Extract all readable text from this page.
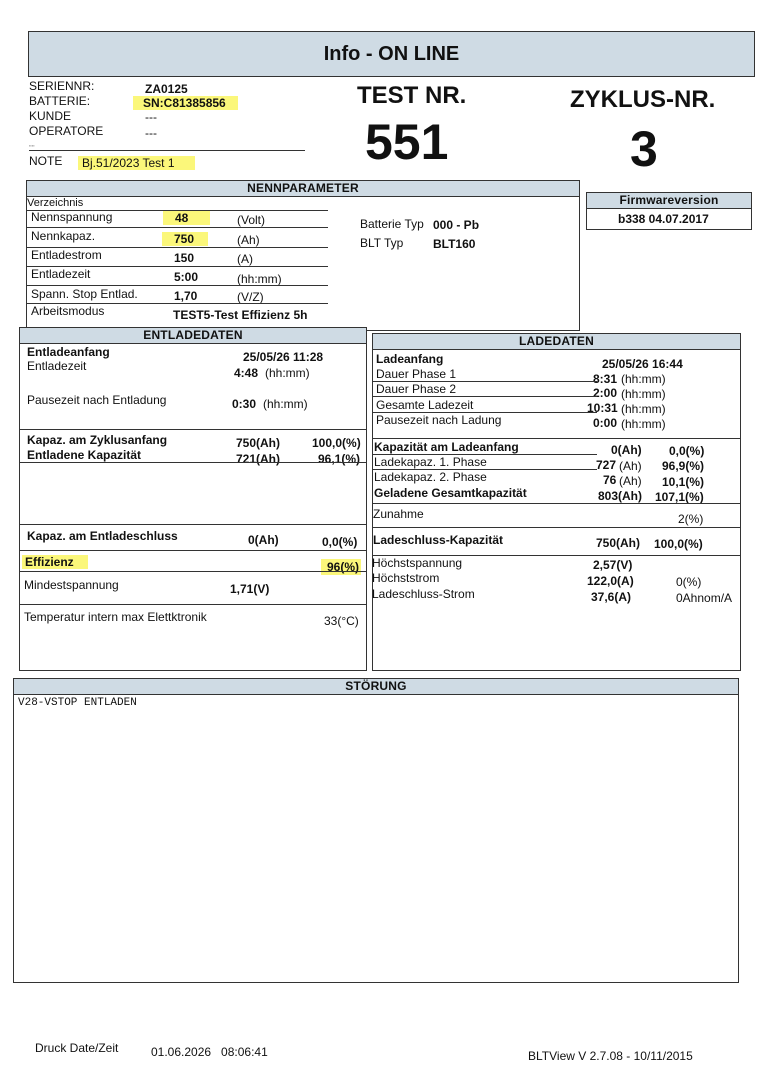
Info - ON LINE
SERIENNR:	ZA0125
BATTERIE:	SN:C81385856
KUNDE	---
OPERATORE	---
▪▪▪▪
NOTE	Bj.51/2023 Test 1
TEST NR.
551
ZYKLUS-NR.
3
NENNPARAMETER
Verzeichnis
Nennspannung	48	(Volt)
Nennkapaz.	750	(Ah)
Entladestrom	150	(A)
Entladezeit	5:00	(hh:mm)
Spann. Stop Entlad.	1,70	(V/Z)
Arbeitsmodus	TEST5-Test Effizienz 5h
Batterie Typ 000 - Pb
BLT Typ BLT160
Firmwareversion
b338 04.07.2017
ENTLADEDATEN
Entladeanfang	25/05/26 11:28
Entladezeit	4:48 (hh:mm)
Pausezeit nach Entladung	0:30 (hh:mm)
Kapaz. am Zyklusanfang	750(Ah)	100,0(%)
Entladene Kapazität	721(Ah)	96,1(%)
Kapaz. am Entladeschluss	0(Ah)	0,0(%)
Effizienz	96(%)
Mindestspannung	1,71(V)
Temperatur intern max Elettktronik	33(°C)
LADEDATEN
Ladeanfang	25/05/26 16:44
Dauer Phase 1	8:31 (hh:mm)
Dauer Phase 2	2:00 (hh:mm)
Gesamte Ladezeit	10:31 (hh:mm)
Pausezeit nach Ladung	0:00 (hh:mm)
Kapazität am Ladeanfang	0(Ah) 0,0(%)
Ladekapaz. 1. Phase	727 (Ah) 96,9(%)
Ladekapaz. 2. Phase	76 (Ah) 10,1(%)
Geladene Gesamtkapazität	803(Ah) 107,1(%)
Zunahme	2(%)
Ladeschluss-Kapazität	750(Ah) 100,0(%)
Höchstspannung	2,57(V)
Höchststrom	122,0(A)	0(%)
Ladeschluss-Strom	37,6(A)	0Ahnom/A
STÖRUNG
V28-VSTOP ENTLADEN
Druck Date/Zeit	01.06.2026   08:06:41	BLTView V 2.7.08 - 10/11/2015
